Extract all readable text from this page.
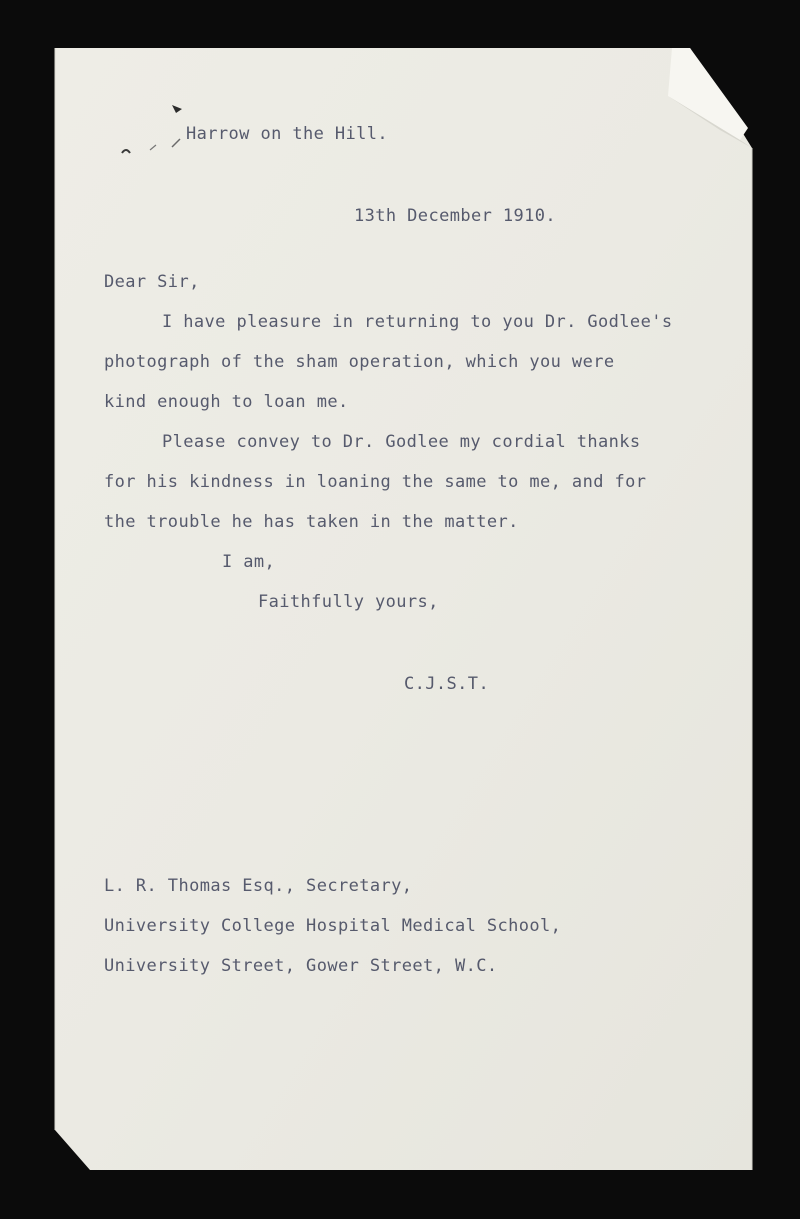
Harrow on the Hill.
13th December 1910.
Dear Sir,
I have pleasure in returning to you Dr. Godlee's
photograph of the sham operation, which you were
kind enough to loan me.
Please convey to Dr. Godlee my cordial thanks
for his kindness in loaning the same to me, and for
the trouble he has taken in the matter.
I am,
Faithfully yours,
C.J.S.T.
L. R. Thomas Esq., Secretary,
University College Hospital Medical School,
University Street, Gower Street, W.C.
